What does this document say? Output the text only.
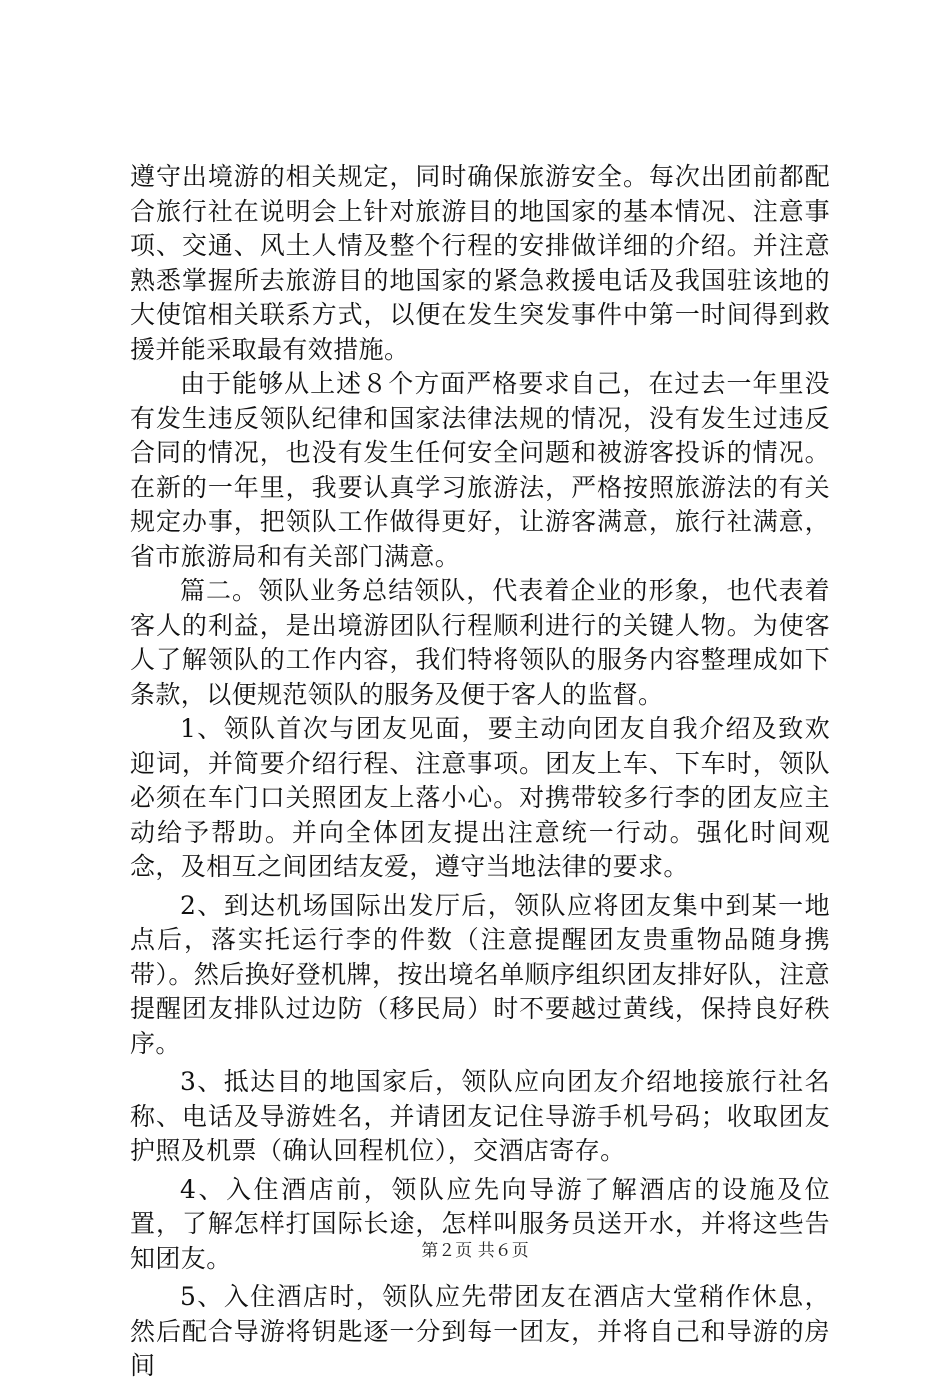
遵守出境游的相关规定，同时确保旅游安全。每次出团前都配合旅行社在说明会上针对旅游目的地国家的基本情况、注意事项、交通、风土人情及整个行程的安排做详细的介绍。并注意熟悉掌握所去旅游目的地国家的紧急救援电话及我国驻该地的大使馆相关联系方式，以便在发生突发事件中第一时间得到救援并能采取最有效措施。

由于能够从上述８个方面严格要求自己，在过去一年里没有发生违反领队纪律和国家法律法规的情况，没有发生过违反合同的情况，也没有发生任何安全问题和被游客投诉的情况。在新的一年里，我要认真学习旅游法，严格按照旅游法的有关规定办事，把领队工作做得更好，让游客满意，旅行社满意，省市旅游局和有关部门满意。

篇二。领队业务总结领队，代表着企业的形象，也代表着客人的利益，是出境游团队行程顺利进行的关键人物。为使客人了解领队的工作内容，我们特将领队的服务内容整理成如下条款，以便规范领队的服务及便于客人的监督。

1、领队首次与团友见面，要主动向团友自我介绍及致欢迎词，并简要介绍行程、注意事项。团友上车、下车时，领队必须在车门口关照团友上落小心。对携带较多行李的团友应主动给予帮助。并向全体团友提出注意统一行动。强化时间观念，及相互之间团结友爱，遵守当地法律的要求。

2、到达机场国际出发厅后，领队应将团友集中到某一地点后，落实托运行李的件数（注意提醒团友贵重物品随身携带）。然后换好登机牌，按出境名单顺序组织团友排好队，注意提醒团友排队过边防（移民局）时不要越过黄线，保持良好秩序。

3、抵达目的地国家后，领队应向团友介绍地接旅行社名称、电话及导游姓名，并请团友记住导游手机号码；收取团友护照及机票（确认回程机位），交酒店寄存。

4、入住酒店前，领队应先向导游了解酒店的设施及位置，了解怎样打国际长途，怎样叫服务员送开水，并将这些告知团友。

5、入住酒店时，领队应先带团友在酒店大堂稍作休息，然后配合导游将钥匙逐一分到每一团友，并将自己和导游的房间

第２页 共６页
